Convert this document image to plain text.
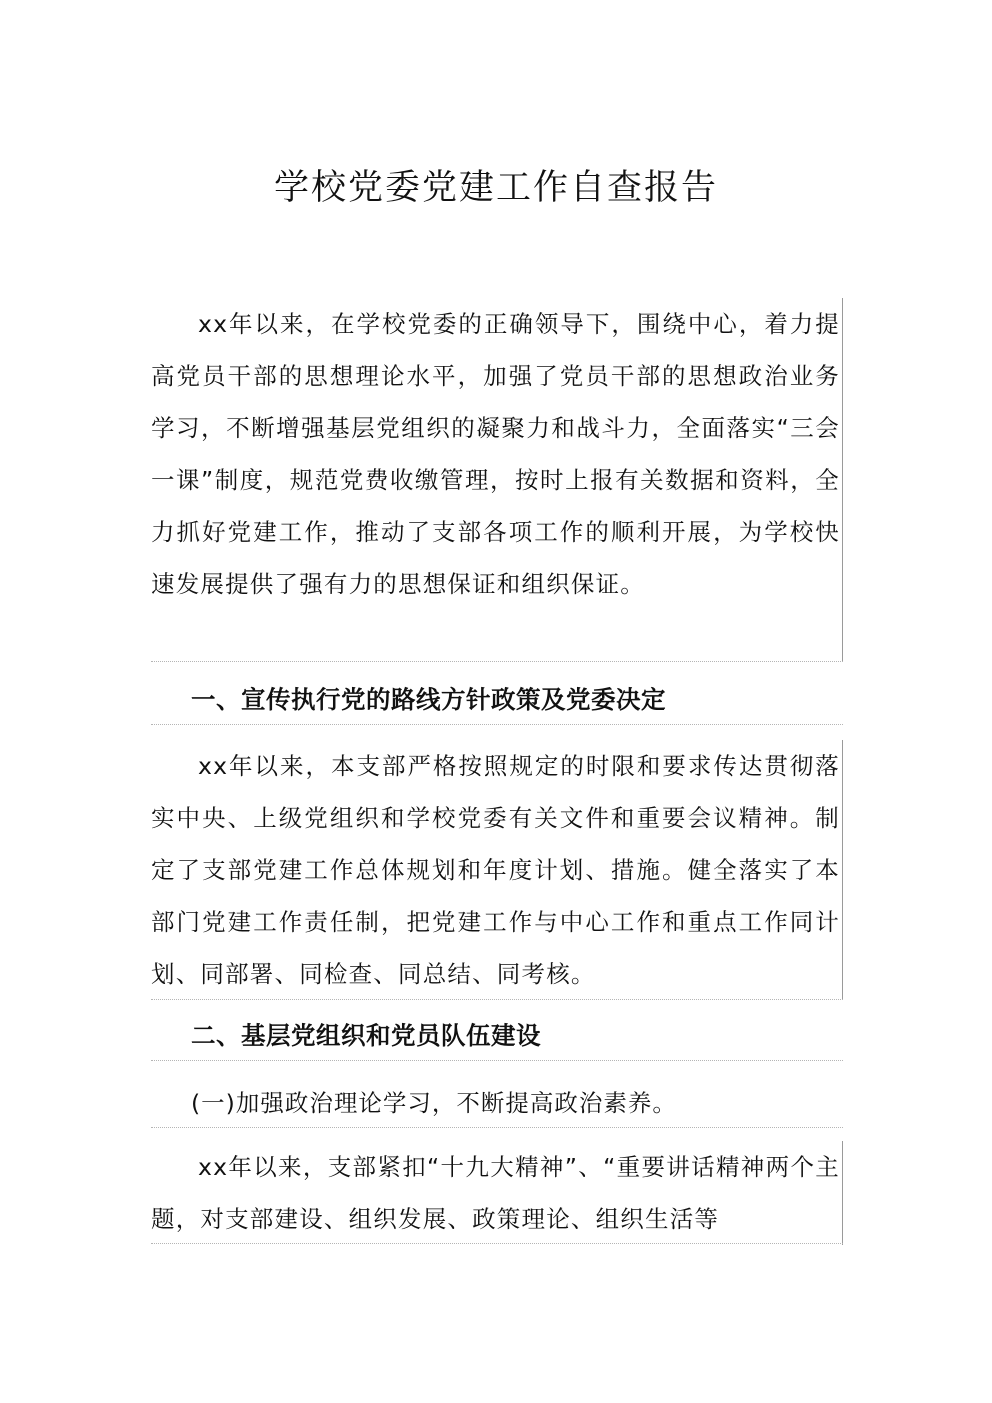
学校党委党建工作自查报告

xx年以来，在学校党委的正确领导下，围绕中心，着力提高党员干部的思想理论水平，加强了党员干部的思想政治业务学习，不断增强基层党组织的凝聚力和战斗力，全面落实“三会一课”制度，规范党费收缴管理，按时上报有关数据和资料，全力抓好党建工作，推动了支部各项工作的顺利开展，为学校快速发展提供了强有力的思想保证和组织保证。

一、宣传执行党的路线方针政策及党委决定

xx年以来，本支部严格按照规定的时限和要求传达贯彻落实中央、上级党组织和学校党委有关文件和重要会议精神。制定了支部党建工作总体规划和年度计划、措施。健全落实了本部门党建工作责任制，把党建工作与中心工作和重点工作同计划、同部署、同检查、同总结、同考核。

二、基层党组织和党员队伍建设
(一)加强政治理论学习，不断提高政治素养。

xx年以来，支部紧扣“十九大精神”、“重要讲话精神两个主题，对支部建设、组织发展、政策理论、组织生活等
